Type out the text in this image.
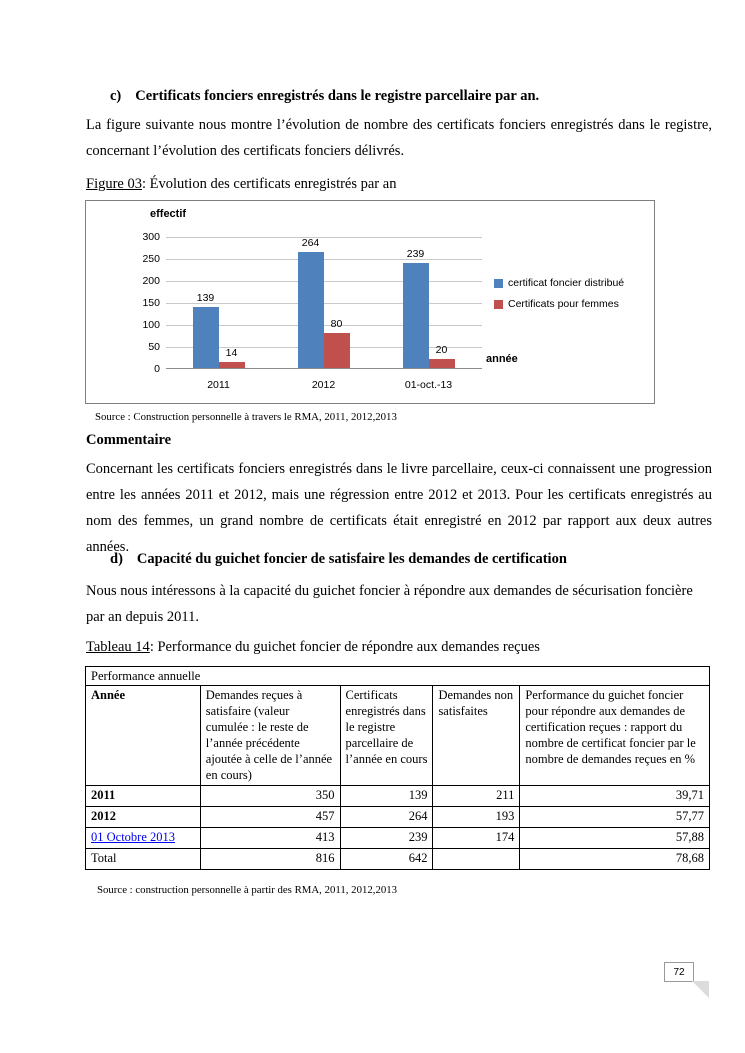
c) Certificats fonciers enregistrés dans le registre parcellaire par an.
La figure suivante nous montre l’évolution de nombre des certificats fonciers enregistrés dans le registre, concernant l’évolution des certificats fonciers délivrés.
Figure 03: Évolution des certificats enregistrés par an
effectif
300
250
200
150
100
50
0
139
14
264
80
239
20
2011	2012	01-oct.-13
certificat foncier distribué
Certificats pour femmes
année
Source : Construction personnelle à travers le RMA, 2011, 2012,2013
Commentaire
Concernant les certificats fonciers enregistrés dans le livre parcellaire, ceux-ci connaissent une progression entre les années 2011 et 2012, mais une régression entre 2012 et 2013. Pour les certificats enregistrés au nom des femmes, un grand nombre de certificats était enregistré en 2012 par rapport aux deux autres années.
d) Capacité du guichet foncier de satisfaire les demandes de certification
Nous nous intéressons à la capacité du guichet foncier à répondre aux demandes de sécurisation foncière par an depuis 2011.
Tableau 14: Performance du guichet foncier de répondre aux demandes reçues
Performance annuelle				
Année	Demandes reçues à satisfaire (valeur cumulée : le reste de l’année précédente ajoutée à celle de l’année en cours)	Certificats enregistrés dans le registre parcellaire de l’année en cours	Demandes non satisfaites	Performance du guichet foncier pour répondre aux demandes de certification reçues : rapport du nombre de certificat foncier par le nombre de demandes reçues en %
2011	350	139	211	39,71
2012	457	264	193	57,77
01 Octobre 2013	413	239	174	57,88
Total	816	642		78,68
Source : construction personnelle à partir des RMA, 2011, 2012,2013
72
